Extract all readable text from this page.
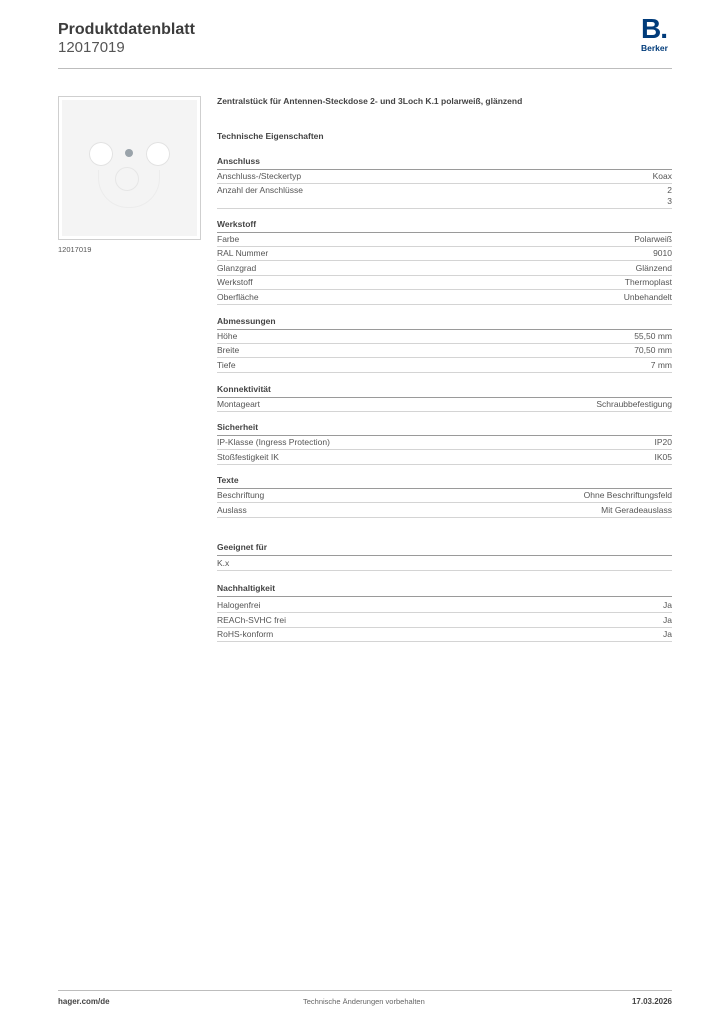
Produktdatenblatt
12017019
B.
Berker
12017019
Zentralstück für Antennen-Steckdose 2- und 3Loch K.1 polarweiß, glänzend
Technische Eigenschaften
Anschluss
Anschluss-/Steckertyp	Koax
Anzahl der Anschlüsse	2
3
Werkstoff
Farbe	Polarweiß
RAL Nummer	9010
Glanzgrad	Glänzend
Werkstoff	Thermoplast
Oberfläche	Unbehandelt
Abmessungen
Höhe	55,50 mm
Breite	70,50 mm
Tiefe	7 mm
Konnektivität
Montageart	Schraubbefestigung
Sicherheit
IP-Klasse (Ingress Protection)	IP20
Stoßfestigkeit IK	IK05
Texte
Beschriftung	Ohne Beschriftungsfeld
Auslass	Mit Geradeauslass
Geeignet für
K.x
Nachhaltigkeit
Halogenfrei	Ja
REACh-SVHC frei	Ja
RoHS-konform	Ja
hager.com/de	Technische Änderungen vorbehalten	17.03.2026
